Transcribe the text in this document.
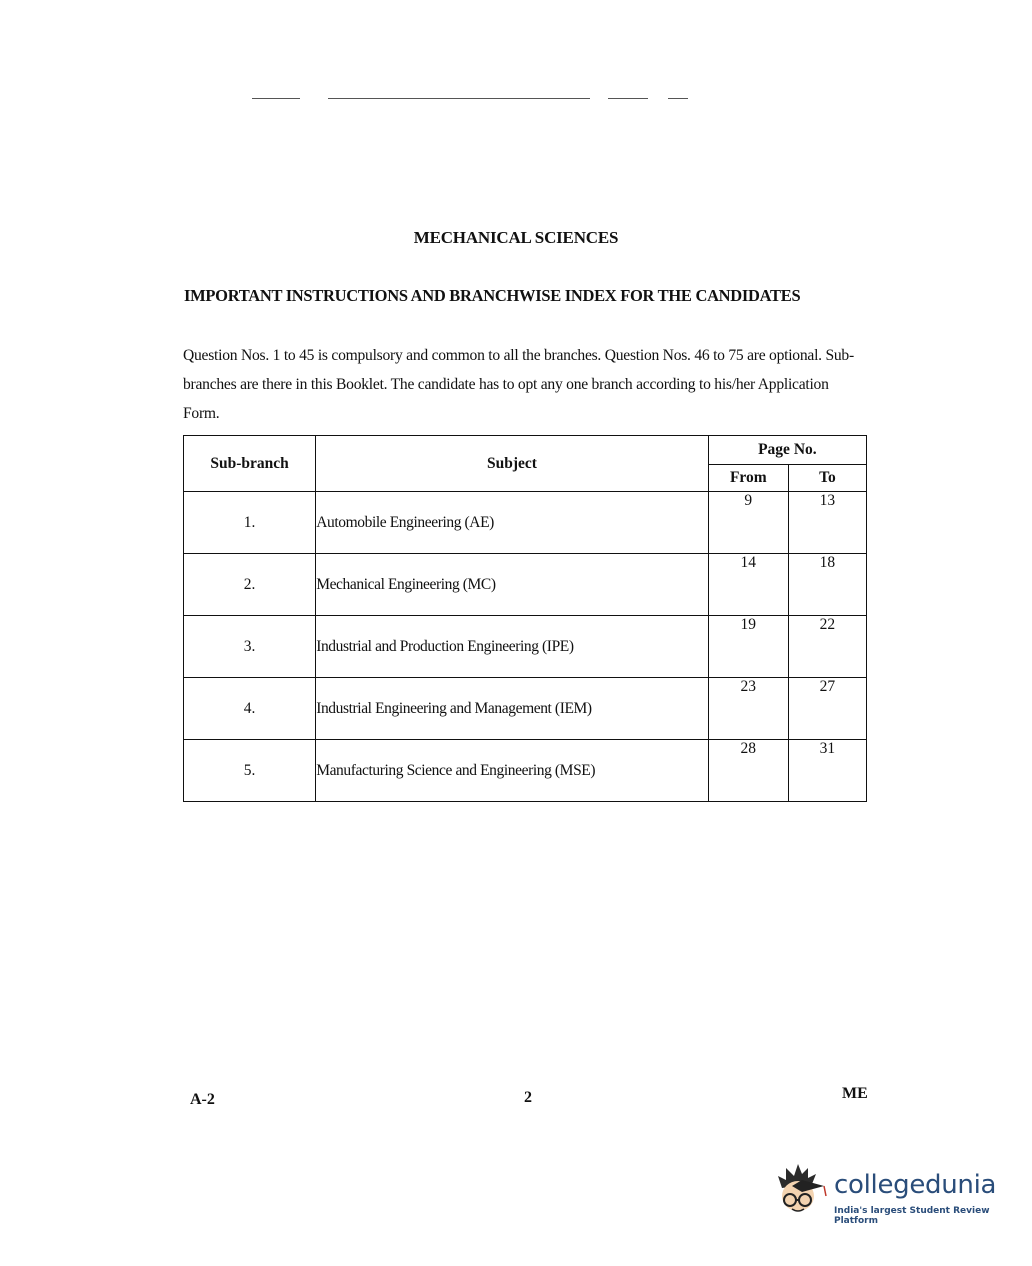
MECHANICAL SCIENCES
IMPORTANT INSTRUCTIONS AND BRANCHWISE INDEX FOR THE CANDIDATES
Question Nos. 1 to 45 is compulsory and common to all the branches. Question Nos. 46 to 75 are optional. Sub-branches are there in this Booklet. The candidate has to opt any one branch according to his/her Application Form.
Sub-branch	Subject	Page No.	
		From	To
1.	Automobile Engineering (AE)	9	13
2.	Mechanical Engineering (MC)	14	18
3.	Industrial and Production Engineering (IPE)	19	22
4.	Industrial Engineering and Management (IEM)	23	27
5.	Manufacturing Science and Engineering (MSE)	28	31
A-2	2	ME
collegedunia
India's largest Student Review Platform
